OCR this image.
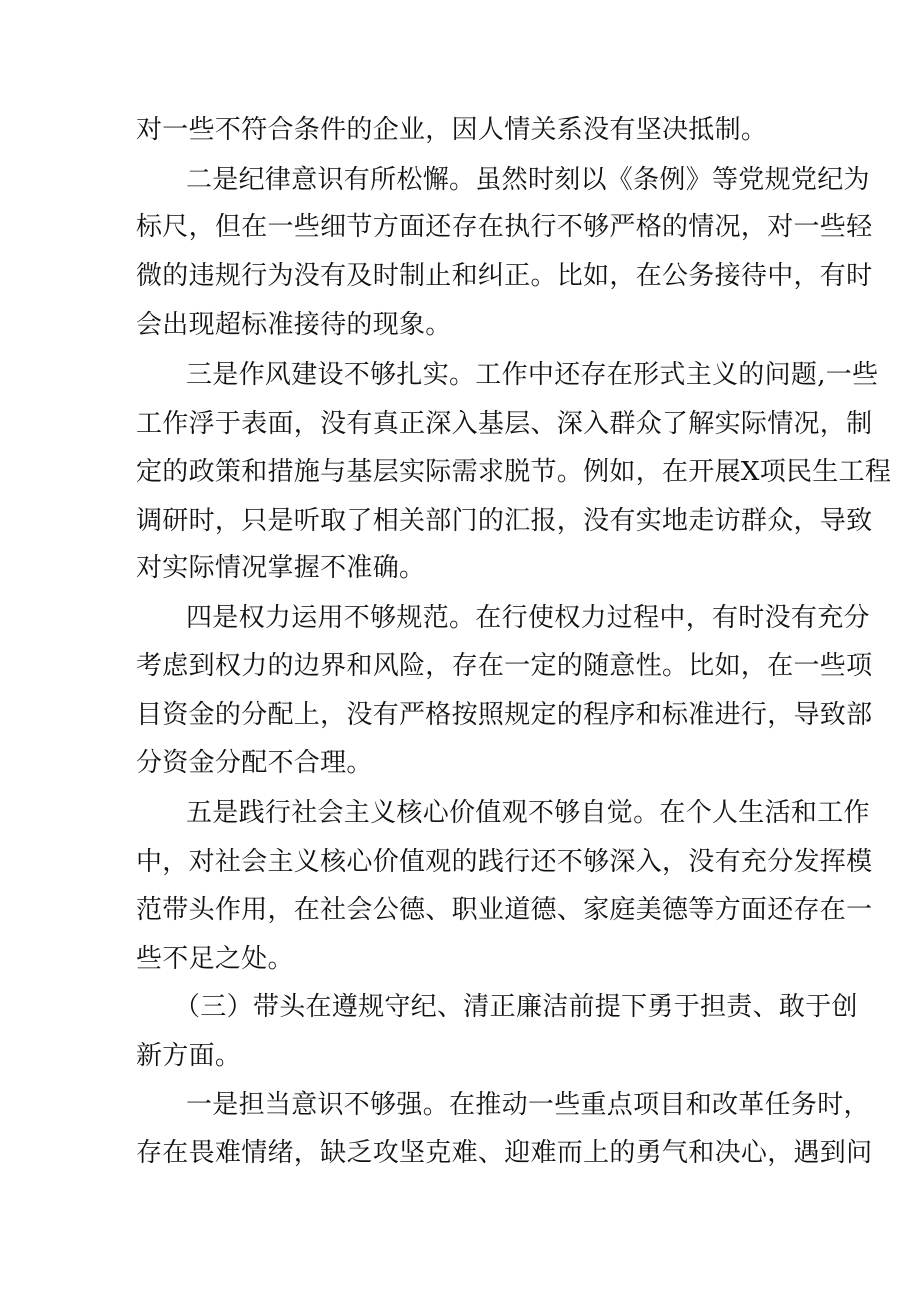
对一些不符合条件的企业，因人情关系没有坚决抵制。

二是纪律意识有所松懈。虽然时刻以《条例》等党规党纪为

标尺，但在一些细节方面还存在执行不够严格的情况，对一些轻

微的违规行为没有及时制止和纠正。比如，在公务接待中，有时

会出现超标准接待的现象。

三是作风建设不够扎实。工作中还存在形式主义的问题,一些

工作浮于表面，没有真正深入基层、深入群众了解实际情况，制

定的政策和措施与基层实际需求脱节。例如，在开展X项民生工程

调研时，只是听取了相关部门的汇报，没有实地走访群众，导致

对实际情况掌握不准确。

四是权力运用不够规范。在行使权力过程中，有时没有充分

考虑到权力的边界和风险，存在一定的随意性。比如，在一些项

目资金的分配上，没有严格按照规定的程序和标准进行，导致部

分资金分配不合理。

五是践行社会主义核心价值观不够自觉。在个人生活和工作

中，对社会主义核心价值观的践行还不够深入，没有充分发挥模

范带头作用，在社会公德、职业道德、家庭美德等方面还存在一

些不足之处。

（三）带头在遵规守纪、清正廉洁前提下勇于担责、敢于创

新方面。

一是担当意识不够强。在推动一些重点项目和改革任务时，

存在畏难情绪，缺乏攻坚克难、迎难而上的勇气和决心，遇到问
